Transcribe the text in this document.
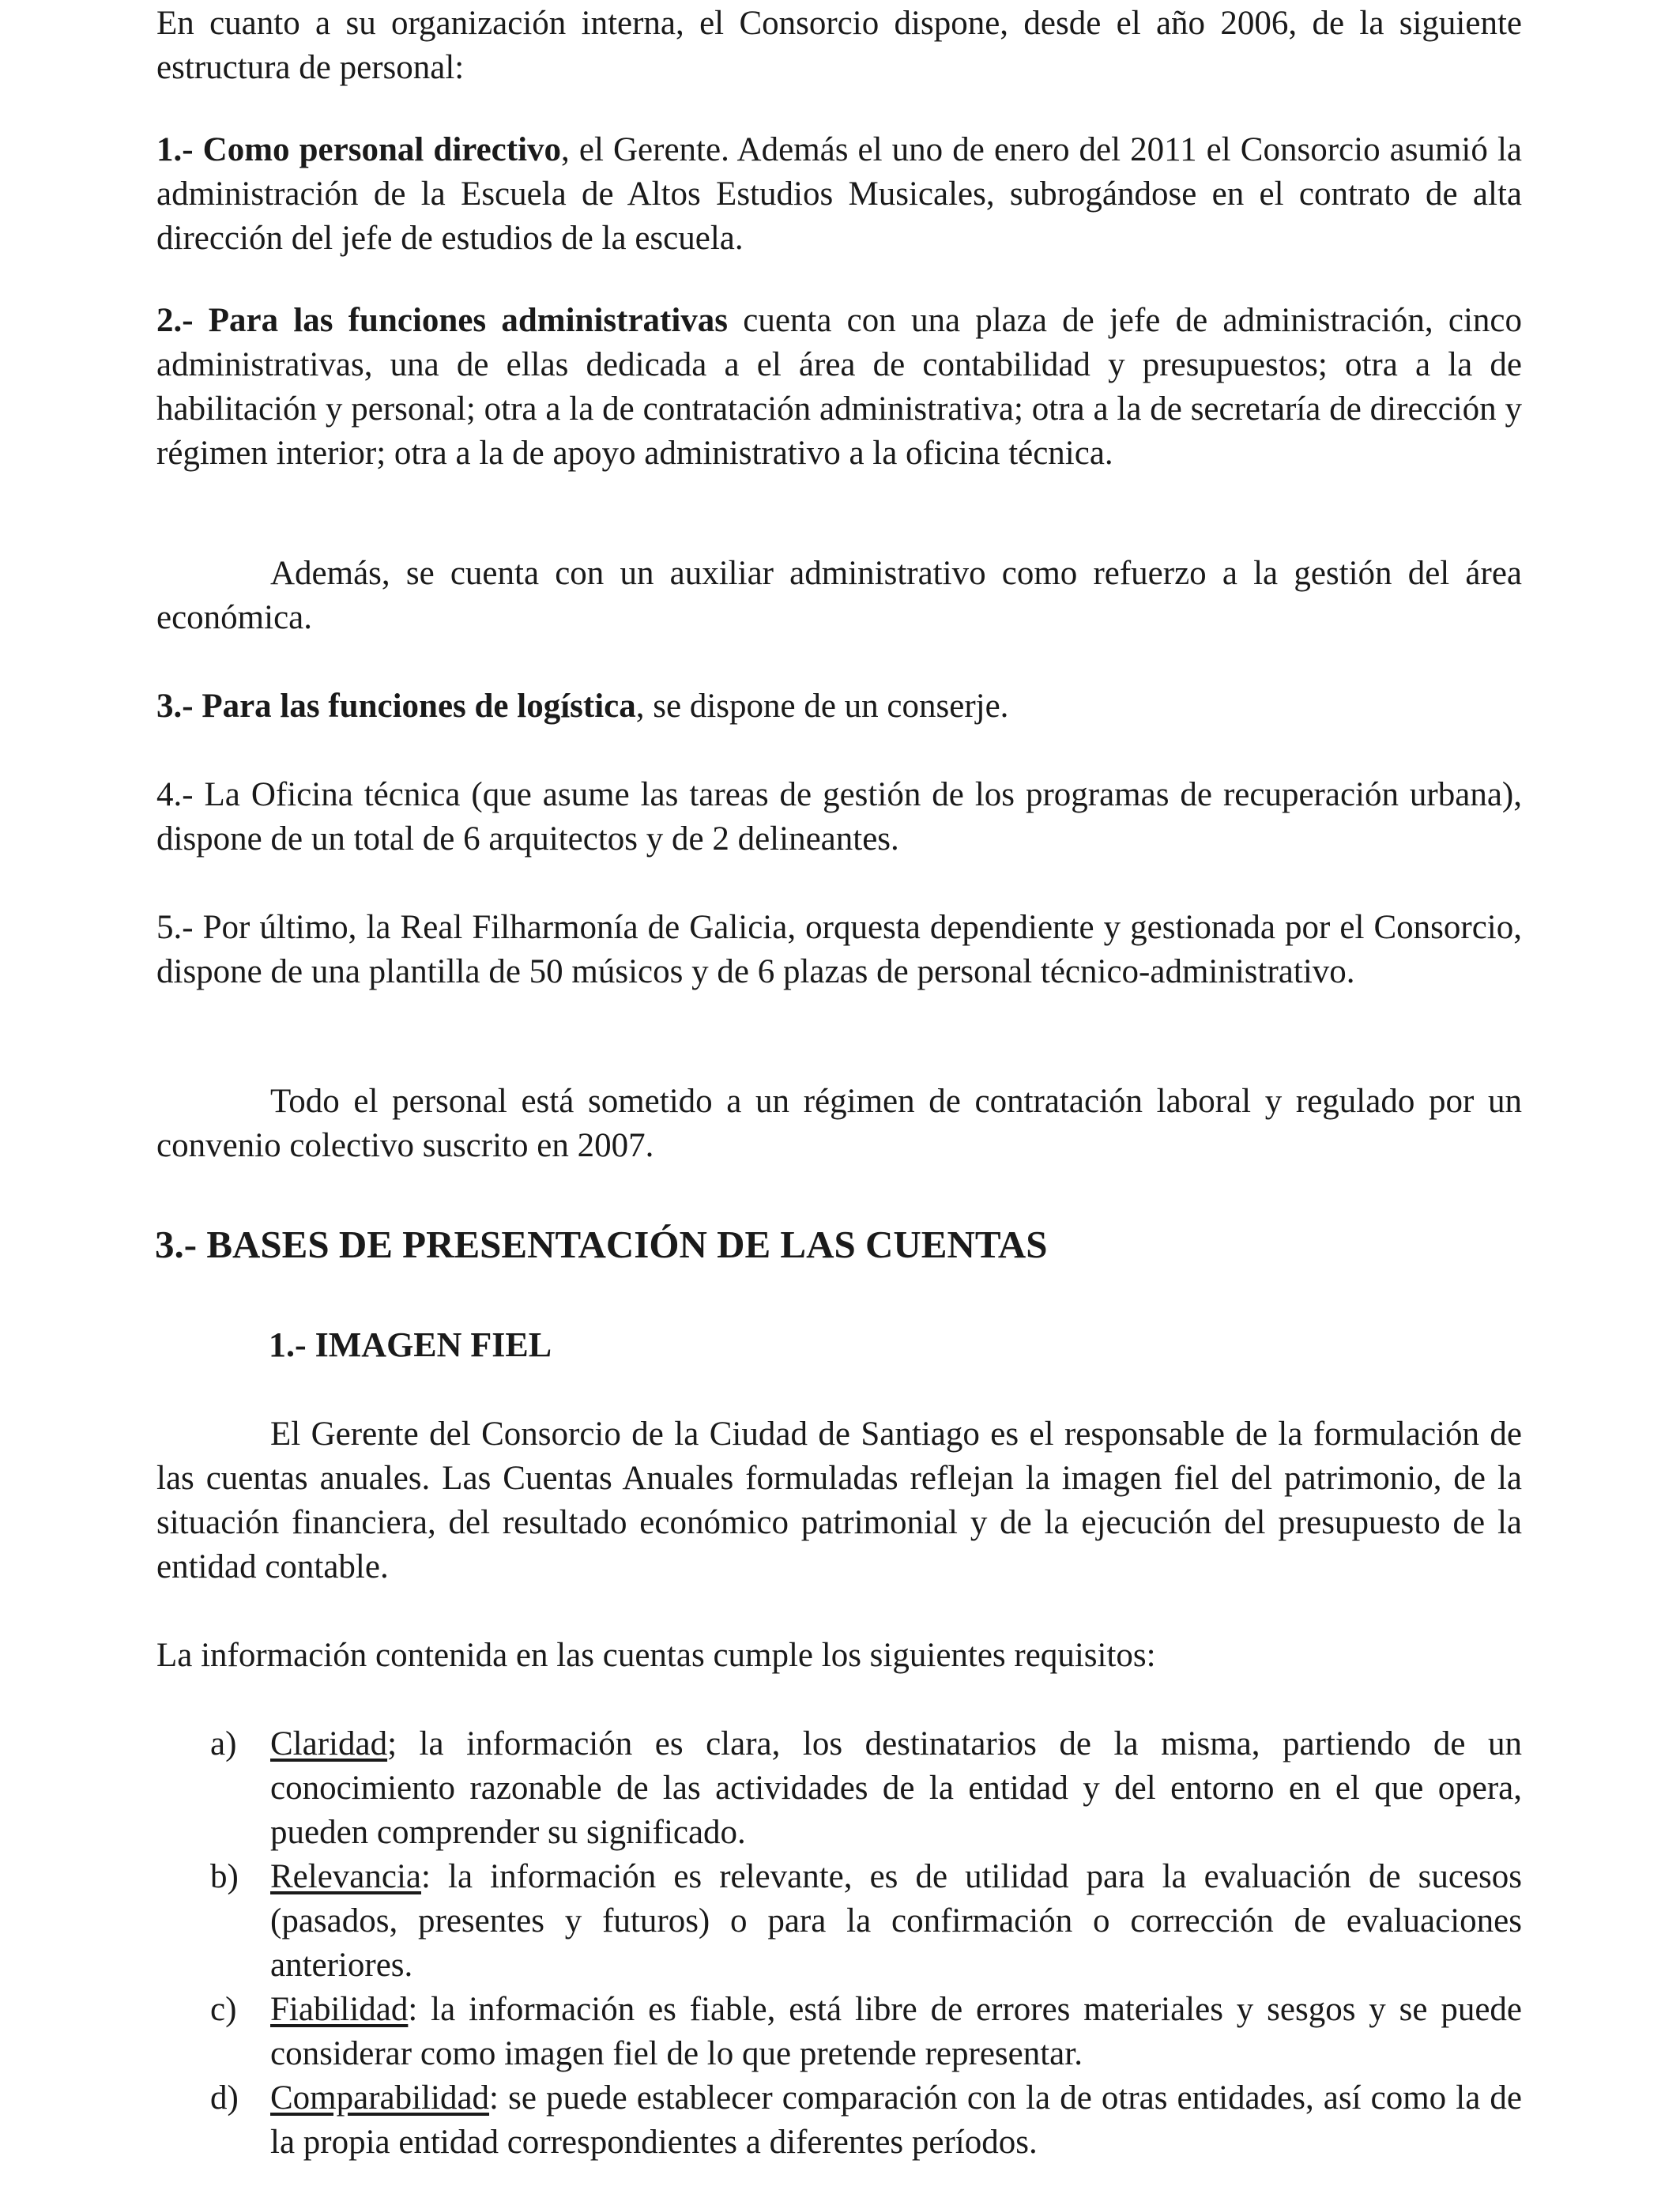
En cuanto a su organización interna, el Consorcio dispone, desde el año 2006, de la siguiente estructura de personal:

1.- Como personal directivo, el Gerente. Además el uno de enero del 2011 el Consorcio asumió la administración de la Escuela de Altos Estudios Musicales, subrogándose en el contrato de alta dirección del jefe de estudios de la escuela.

2.- Para las funciones administrativas cuenta con una plaza de jefe de administración, cinco administrativas, una de ellas dedicada a el área de contabilidad y presupuestos; otra a la de habilitación y personal; otra a la de contratación administrativa; otra a la de secretaría de dirección y régimen interior; otra a la de apoyo administrativo a la oficina técnica.

Además, se cuenta con un auxiliar administrativo como refuerzo a la gestión del área económica.

3.- Para las funciones de logística, se dispone de un conserje.

4.- La Oficina técnica (que asume las tareas de gestión de los programas de recuperación urbana), dispone de un total de 6 arquitectos y de 2 delineantes.

5.- Por último, la Real Filharmonía de Galicia, orquesta dependiente y gestionada por el Consorcio, dispone de una plantilla de 50 músicos y de 6 plazas de personal técnico-administrativo.

Todo el personal está sometido a un régimen de contratación laboral y regulado por un convenio colectivo suscrito en 2007.

3.- BASES DE PRESENTACIÓN DE LAS CUENTAS
1.- IMAGEN FIEL

El Gerente del Consorcio de la Ciudad de Santiago es el responsable de la formulación de las cuentas anuales. Las Cuentas Anuales formuladas reflejan la imagen fiel del patrimonio, de la situación financiera, del resultado económico patrimonial y de la ejecución del presupuesto de la entidad contable.

La información contenida en las cuentas cumple los siguientes requisitos:

a) Claridad; la información es clara, los destinatarios de la misma, partiendo de un conocimiento razonable de las actividades de la entidad y del entorno en el que opera, pueden comprender su significado.
b) Relevancia: la información es relevante, es de utilidad para la evaluación de sucesos (pasados, presentes y futuros) o para la confirmación o corrección de evaluaciones anteriores.
c) Fiabilidad: la información es fiable, está libre de errores materiales y sesgos y se puede considerar como imagen fiel de lo que pretende representar.
d) Comparabilidad: se puede establecer comparación con la de otras entidades, así como la de la propia entidad correspondientes a diferentes períodos.
